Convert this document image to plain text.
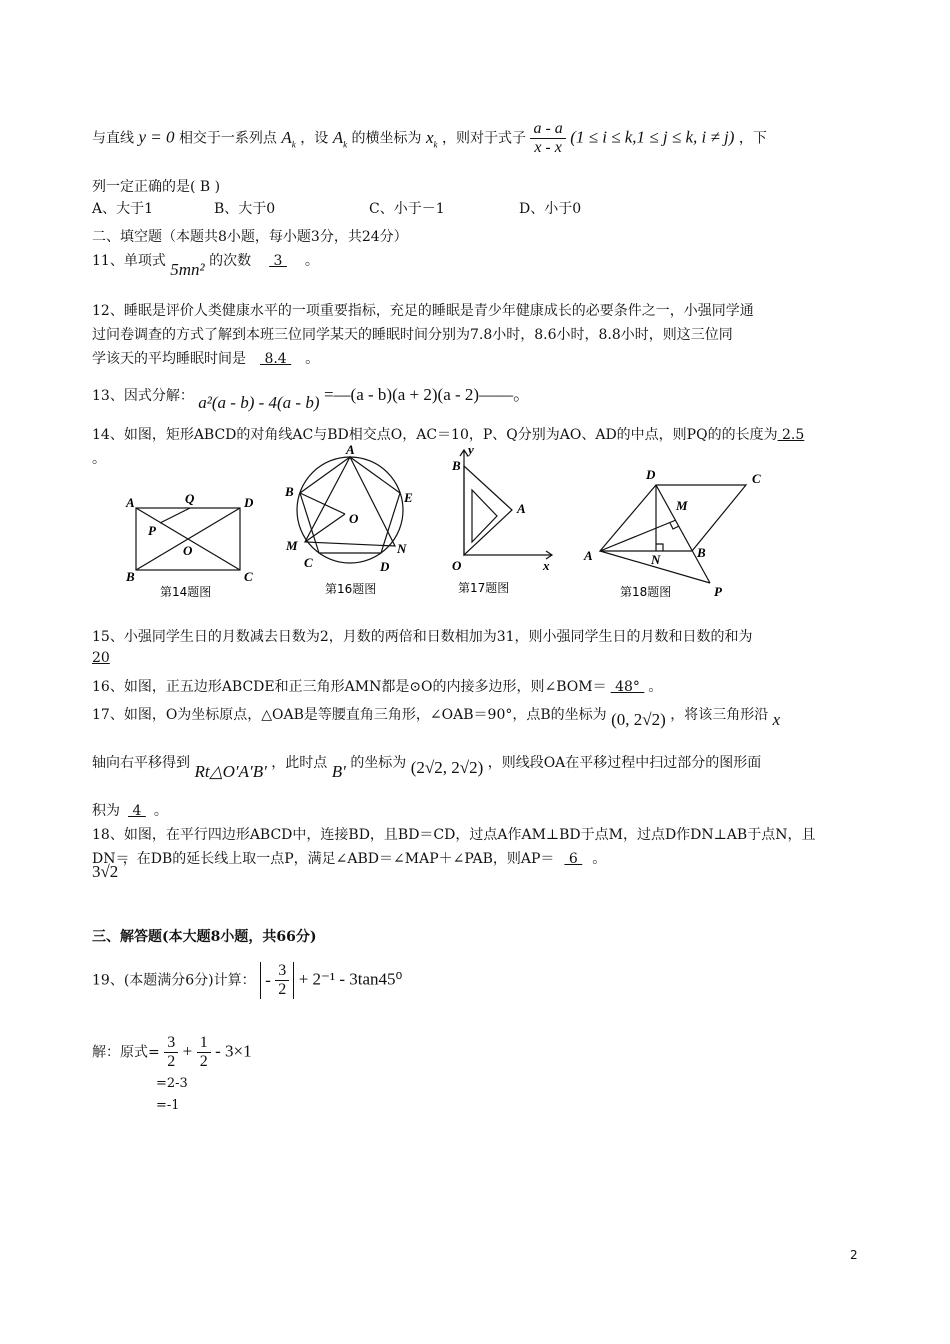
与直线 y = 0 相交于一系列点 $A_k$ ，设 $A_k$ 的横坐标为 $x_k$ ，则对于式子 $\frac{a - a}{x - x} (1 \le i \le k,1 \le j \le k$, i ≠ j) ，下
列一定正确的是( B )
A、大于1	B、大于0	C、小于－1	D、小于0
二、填空题（本题共8小题，每小题3分，共24分）
11、单项式 5mn² 的次数 3 。
12、睡眠是评价人类健康水平的一项重要指标，充足的睡眠是青少年健康成长的必要条件之一，小强同学通
过问卷调查的方式了解到本班三位同学某天的睡眠时间分别为7.8小时，8.6小时，8.8小时，则这三位同
学该天的平均睡眠时间是 8.4 。
13、因式分解： a²(a - b) - 4(a - b) =—(a - b)(a + 2)(a - 2)——。
14、如图，矩形ABCD的对角线AC与BD相交点O，AC＝10，P、Q分别为AO、AD的中点，则PQ的的长度为 2.5
。
A	Q	D
P
O
B	C
第14题图
A
B	E
O
M	N
C	D
第16题图
y
B
A
O	x
第17题图
D	C
M
A	N	B
P
第18题图
15、小强同学生日的月数减去日数为2，月数的两倍和日数相加为31，则小强同学生日的月数和日数的和为
20
16、如图，正五边形ABCDE和正三角形AMN都是⊙O的内接多边形，则∠BOM＝ 48° 。
17、如图，O为坐标原点，△OAB是等腰直角三角形，∠OAB＝90°，点B的坐标为 (0, 2√2) ，将该三角形沿 x
轴向右平移得到 Rt△O′A′B′ ，此时点 B′ 的坐标为 (2√2, 2√2) ，则线段OA在平移过程中扫过部分的图形面
积为 4 。
18、如图，在平行四边形ABCD中，连接BD，且BD＝CD，过点A作AM⊥BD于点M，过点D作DN⊥AB于点N，且
DN＝ 3√2 ，在DB的延长线上取一点P，满足∠ABD＝∠MAP＋∠PAB，则AP＝ 6 。
三、解答题(本大题8小题，共66分)
19、(本题满分6分)计算： - $\frac{3}{2} + 2^{-1} - 3\tan 45^0$
解：原式= $\frac{3}{2} + \frac{1}{2} - 3\times 1$
=2-3
=-1
2
